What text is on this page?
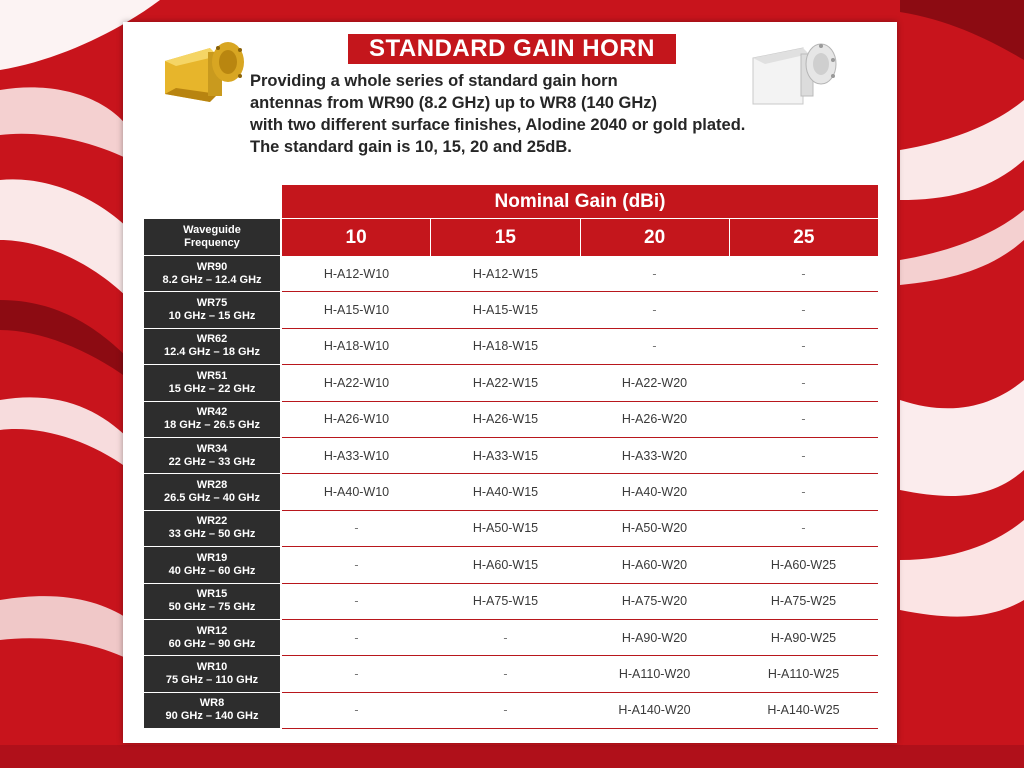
STANDARD GAIN HORN
Providing a whole series of standard gain horn
antennas from WR90 (8.2 GHz) up to WR8 (140 GHz)
with two different surface finishes, Alodine 2040 or gold plated.
The standard gain is 10, 15, 20 and 25dB.
Nominal Gain (dBi)
Waveguide
Frequency	10	15	20	25
WR90
8.2 GHz – 12.4 GHz	H-A12-W10	H-A12-W15	-	-
WR75
10 GHz – 15 GHz	H-A15-W10	H-A15-W15	-	-
WR62
12.4 GHz – 18 GHz	H-A18-W10	H-A18-W15	-	-
WR51
15 GHz – 22 GHz	H-A22-W10	H-A22-W15	H-A22-W20	-
WR42
18 GHz – 26.5 GHz	H-A26-W10	H-A26-W15	H-A26-W20	-
WR34
22 GHz – 33 GHz	H-A33-W10	H-A33-W15	H-A33-W20	-
WR28
26.5 GHz – 40 GHz	H-A40-W10	H-A40-W15	H-A40-W20	-
WR22
33 GHz – 50 GHz	-	H-A50-W15	H-A50-W20	-
WR19
40 GHz – 60 GHz	-	H-A60-W15	H-A60-W20	H-A60-W25
WR15
50 GHz – 75 GHz	-	H-A75-W15	H-A75-W20	H-A75-W25
WR12
60 GHz – 90 GHz	-	-	H-A90-W20	H-A90-W25
WR10
75 GHz – 110 GHz	-	-	H-A110-W20	H-A110-W25
WR8
90 GHz – 140 GHz	-	-	H-A140-W20	H-A140-W25
